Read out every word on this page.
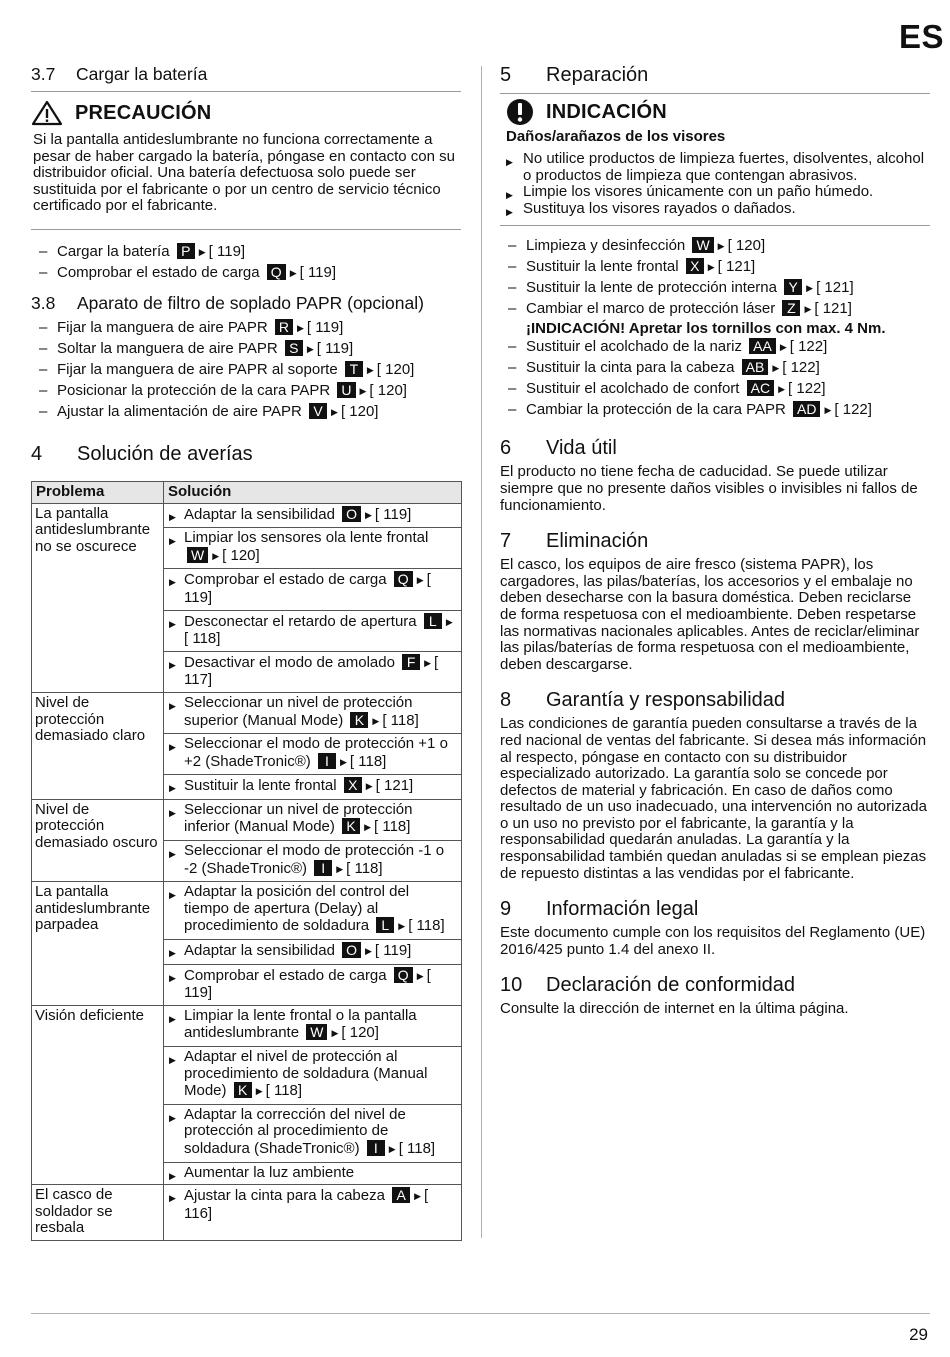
ES
3.7	Cargar la batería
PRECAUCIÓN

Si la pantalla antideslumbrante no funciona correctamente a pesar de haber cargado la batería, póngase en contacto con su distribuidor oficial. Una batería defectuosa solo puede ser sustituida por el fabricante o por un centro de servicio técnico certificado por el fabricante.

– Cargar la batería P ▶ [ 119]
– Comprobar el estado de carga Q ▶ [ 119]
3.8	Aparato de filtro de soplado PAPR (opcional)
– Fijar la manguera de aire PAPR R ▶ [ 119]
– Soltar la manguera de aire PAPR S ▶ [ 119]
– Fijar la manguera de aire PAPR al soporte T ▶ [ 120]
– Posicionar la protección de la cara PAPR U ▶ [ 120]
– Ajustar la alimentación de aire PAPR V ▶ [ 120]
4	Solución de averías
Problema	Solución
La pantalla antideslumbrante no se oscurece	▶ Adaptar la sensibilidad O ▶ [ 119]
	▶ Limpiar los sensores ola lente frontal W ▶ [ 120]
	▶ Comprobar el estado de carga Q ▶ [ 119]
	▶ Desconectar el retardo de apertura L ▶[ 118]
	▶ Desactivar el modo de amolado F ▶ [ 117]
Nivel de protección demasiado claro	▶ Seleccionar un nivel de protección superior (Manual Mode) K ▶ [ 118]
	▶ Seleccionar el modo de protección +1 o +2 (ShadeTronic®) I ▶ [ 118]
	▶ Sustituir la lente frontal X ▶ [ 121]
Nivel de protección demasiado oscuro	▶ Seleccionar un nivel de protección inferior (Manual Mode) K ▶ [ 118]
	▶ Seleccionar el modo de protección -1 o -2 (ShadeTronic®) I ▶ [ 118]
La pantalla antideslumbrante parpadea	▶ Adaptar la posición del control del tiempo de apertura (Delay) al procedimiento de soldadura L ▶ [ 118]
	▶ Adaptar la sensibilidad O ▶ [ 119]
	▶ Comprobar el estado de carga Q ▶ [ 119]
Visión deficiente	▶ Limpiar la lente frontal o la pantalla antideslumbrante W ▶ [ 120]
	▶ Adaptar el nivel de protección al procedimiento de soldadura (Manual Mode) K ▶ [ 118]
	▶ Adaptar la corrección del nivel de protección al procedimiento de soldadura (ShadeTronic®) I ▶ [ 118]
	▶ Aumentar la luz ambiente
El casco de soldador se resbala	▶ Ajustar la cinta para la cabeza A ▶ [ 116]
5	Reparación
INDICACIÓN
Daños/arañazos de los visores
▶ No utilice productos de limpieza fuertes, disolventes, alcohol o productos de limpieza que contengan abrasivos.
▶ Limpie los visores únicamente con un paño húmedo.
▶ Sustituya los visores rayados o dañados.
– Limpieza y desinfección W ▶ [ 120]
– Sustituir la lente frontal X ▶ [ 121]
– Sustituir la lente de protección interna Y ▶ [ 121]
– Cambiar el marco de protección láser Z ▶ [ 121]
¡INDICACIÓN! Apretar los tornillos con max. 4 Nm.
– Sustituir el acolchado de la nariz AA ▶ [ 122]
– Sustituir la cinta para la cabeza AB ▶ [ 122]
– Sustituir el acolchado de confort AC ▶ [ 122]
– Cambiar la protección de la cara PAPR AD ▶ [ 122]
6	Vida útil

El producto no tiene fecha de caducidad. Se puede utilizar siempre que no presente daños visibles o invisibles ni fallos de funcionamiento.

7	Eliminación

El casco, los equipos de aire fresco (sistema PAPR), los cargadores, las pilas/baterías, los accesorios y el embalaje no deben desecharse con la basura doméstica. Deben reciclarse de forma respetuosa con el medioambiente. Deben respetarse las normativas nacionales aplicables. Antes de reciclar/eliminar las pilas/baterías de forma respetuosa con el medioambiente, deben descargarse.

8	Garantía y responsabilidad

Las condiciones de garantía pueden consultarse a través de la red nacional de ventas del fabricante. Si desea más información al respecto, póngase en contacto con su distribuidor especializado autorizado. La garantía solo se concede por defectos de material y fabricación. En caso de daños como resultado de un uso inadecuado, una intervención no autorizada o un uso no previsto por el fabricante, la garantía y la responsabilidad quedarán anuladas. La garantía y la responsabilidad también quedan anuladas si se emplean piezas de repuesto distintas a las vendidas por el fabricante.

9	Información legal

Este documento cumple con los requisitos del Reglamento (UE) 2016/425 punto 1.4 del anexo II.

10	Declaración de conformidad

Consulte la dirección de internet en la última página.

29
